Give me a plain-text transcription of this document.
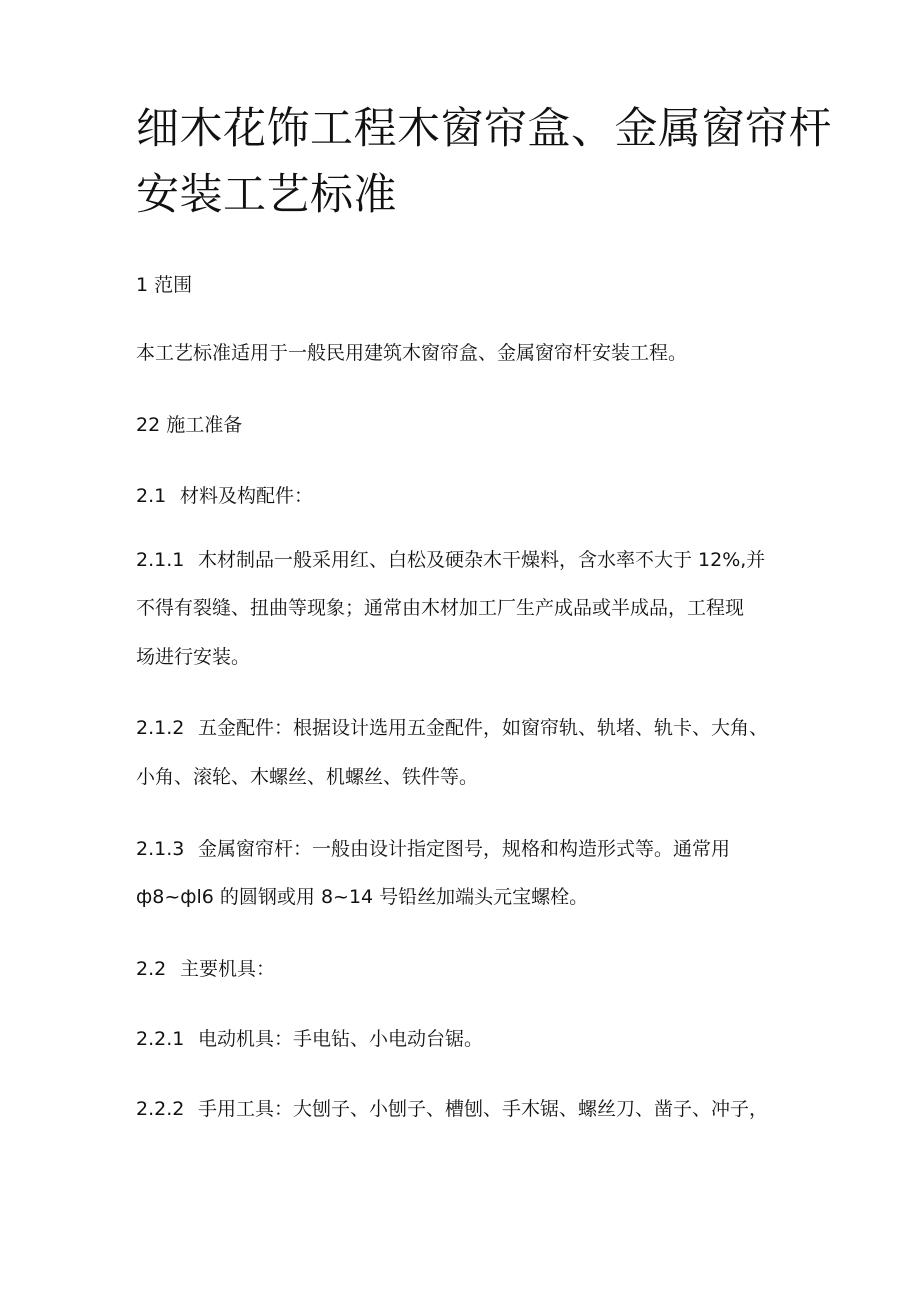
细木花饰工程木窗帘盒、金属窗帘杆
安装工艺标准

1 范围

本工艺标准适用于一般民用建筑木窗帘盒、金属窗帘杆安装工程。

22 施工准备

2.1 材料及构配件：

2.1.1 木材制品一般采用红、白松及硬杂木干燥料，含水率不大于 12%,并

不得有裂缝、扭曲等现象；通常由木材加工厂生产成品或半成品，工程现

场进行安装。

2.1.2 五金配件：根据设计选用五金配件，如窗帘轨、轨堵、轨卡、大角、

小角、滚轮、木螺丝、机螺丝、铁件等。

2.1.3 金属窗帘杆：一般由设计指定图号，规格和构造形式等。通常用

ф8~фl6 的圆钢或用 8~14 号铅丝加端头元宝螺栓。

2.2 主要机具：

2.2.1 电动机具：手电钻、小电动台锯。

2.2.2 手用工具：大刨子、小刨子、槽刨、手木锯、螺丝刀、凿子、冲子，
